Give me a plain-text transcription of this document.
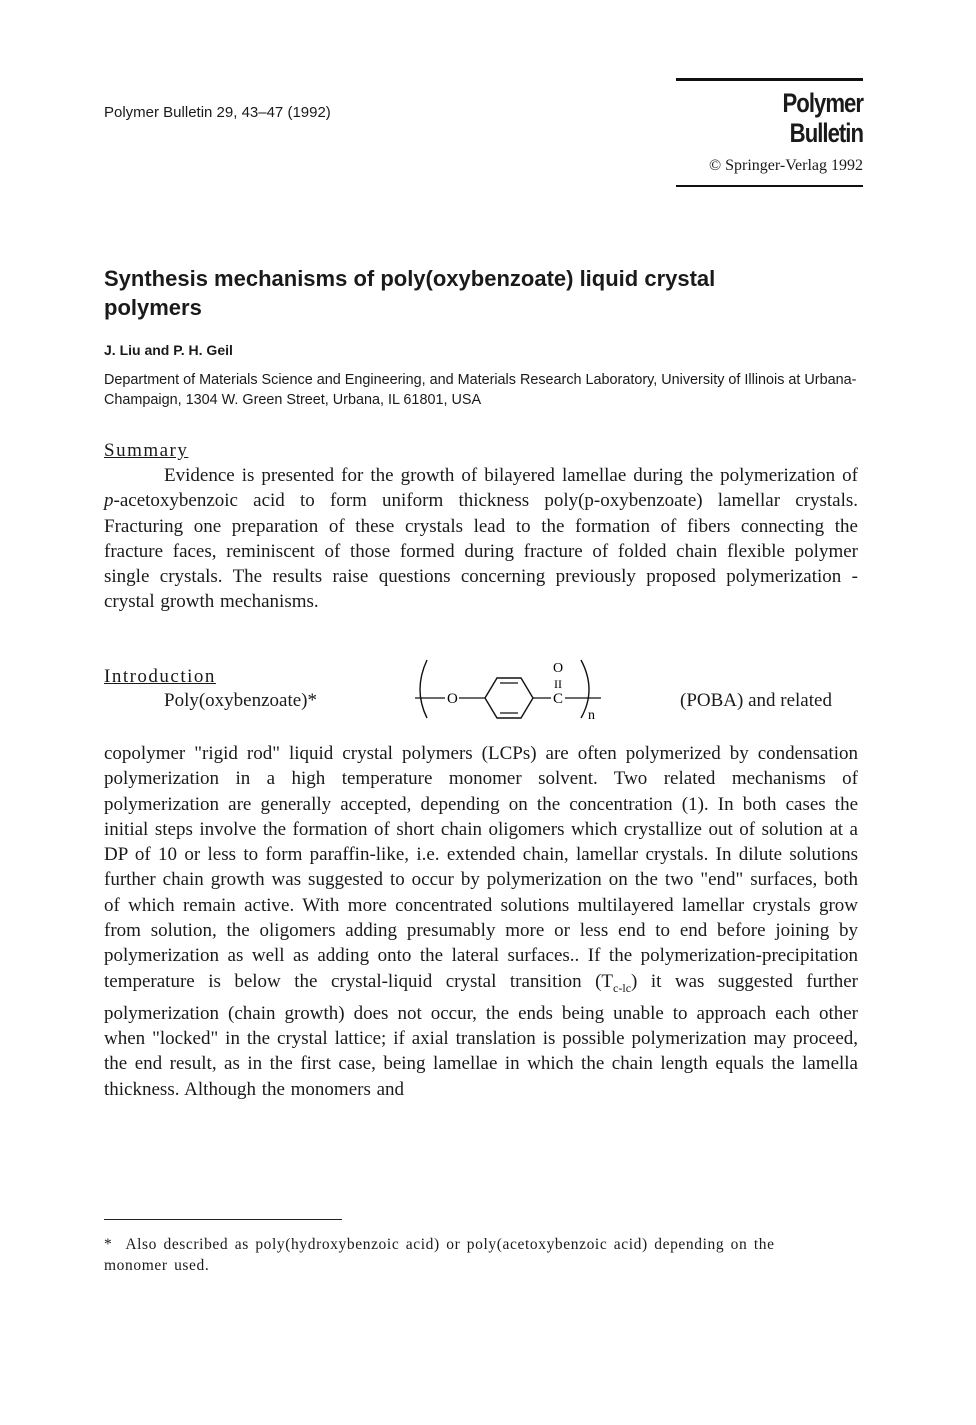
Polymer Bulletin 29, 43–47 (1992)	Polymer Bulletin
© Springer-Verlag 1992
Synthesis mechanisms of poly(oxybenzoate) liquid crystal polymers
J. Liu and P. H. Geil
Department of Materials Science and Engineering, and Materials Research Laboratory, University of Illinois at Urbana-Champaign, 1304 W. Green Street, Urbana, IL 61801, USA
Summary
Evidence is presented for the growth of bilayered lamellae during the polymerization of p-acetoxybenzoic acid to form uniform thickness poly(p-oxybenzoate) lamellar crystals. Fracturing one preparation of these crystals lead to the formation of fibers connecting the fracture faces, reminiscent of those formed during fracture of folded chain flexible polymer single crystals. The results raise questions concerning previously proposed polymerization - crystal growth mechanisms.
Introduction
Poly(oxybenzoate)*	O
O
II
C
n
(POBA) and related
copolymer "rigid rod" liquid crystal polymers (LCPs) are often polymerized by condensation polymerization in a high temperature monomer solvent. Two related mechanisms of polymerization are generally accepted, depending on the concentration (1). In both cases the initial steps involve the formation of short chain oligomers which crystallize out of solution at a DP of 10 or less to form paraffin-like, i.e. extended chain, lamellar crystals. In dilute solutions further chain growth was suggested to occur by polymerization on the two "end" surfaces, both of which remain active. With more concentrated solutions multilayered lamellar crystals grow from solution, the oligomers adding presumably more or less end to end before joining by polymerization as well as adding onto the lateral surfaces.. If the polymerization-precipitation temperature is below the crystal-liquid crystal transition $(T_{c-lc})$ it was suggested further polymerization (chain growth) does not occur, the ends being unable to approach each other when "locked" in the crystal lattice; if axial translation is possible polymerization may proceed, the end result, as in the first case, being lamellae in which the chain length equals the lamella thickness. Although the monomers and
* Also described as poly(hydroxybenzoic acid) or poly(acetoxybenzoic acid) depending on the monomer used.
